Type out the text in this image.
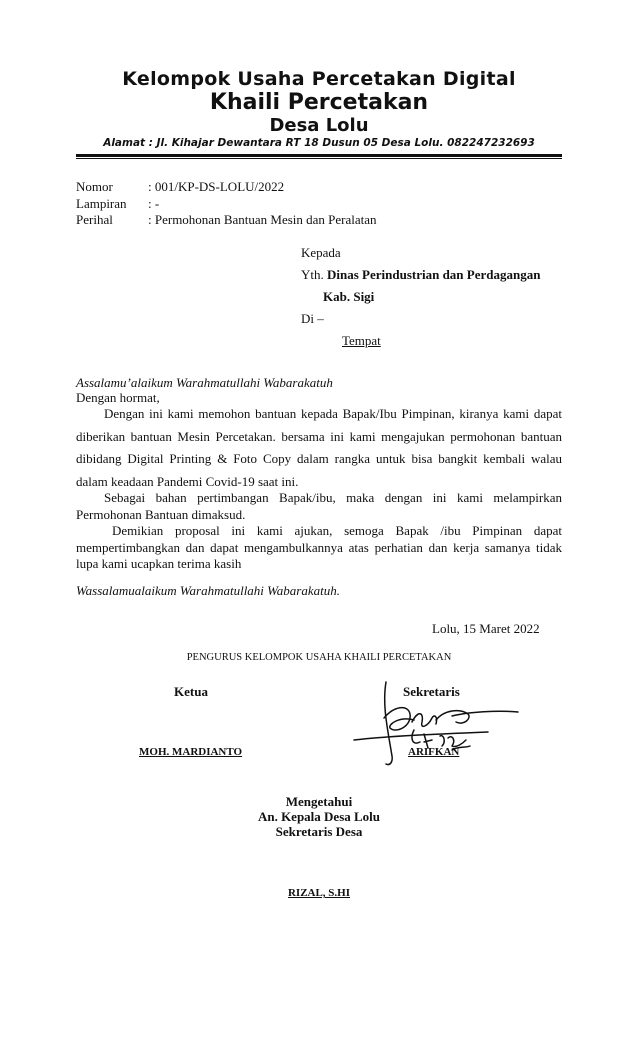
Kelompok Usaha Percetakan Digital
Khaili Percetakan
Desa Lolu
Alamat : Jl. Kihajar Dewantara RT 18 Dusun 05 Desa Lolu. 082247232693
Nomor	: 001/KP-DS-LOLU/2022
Lampiran : -
Perihal	: Permohonan Bantuan Mesin dan Peralatan
Kepada
Yth. Dinas Perindustrian dan Perdagangan
Kab. Sigi
Di –
Tempat
Assalamu’alaikum Warahmatullahi Wabarakatuh
Dengan hormat,
Dengan ini kami memohon bantuan kepada Bapak/Ibu Pimpinan, kiranya kami dapat diberikan bantuan Mesin Percetakan. bersama ini kami mengajukan permohonan bantuan dibidang Digital Printing & Foto Copy dalam rangka untuk bisa bangkit kembali walau dalam keadaan Pandemi Covid-19 saat ini.
Sebagai bahan pertimbangan Bapak/ibu, maka dengan ini kami melampirkan Permohonan Bantuan dimaksud.
Demikian proposal ini kami ajukan, semoga Bapak /ibu Pimpinan dapat mempertimbangkan dan dapat mengambulkannya atas perhatian dan kerja samanya tidak lupa kami ucapkan terima kasih
Wassalamualaikum Warahmatullahi Wabarakatuh.
Lolu, 15 Maret 2022
PENGURUS KELOMPOK USAHA KHAILI PERCETAKAN
Ketua	Sekretaris
MOH. MARDIANTO	ARIFKAN
Mengetahui
An. Kepala Desa Lolu
Sekretaris Desa
RIZAL, S.HI
